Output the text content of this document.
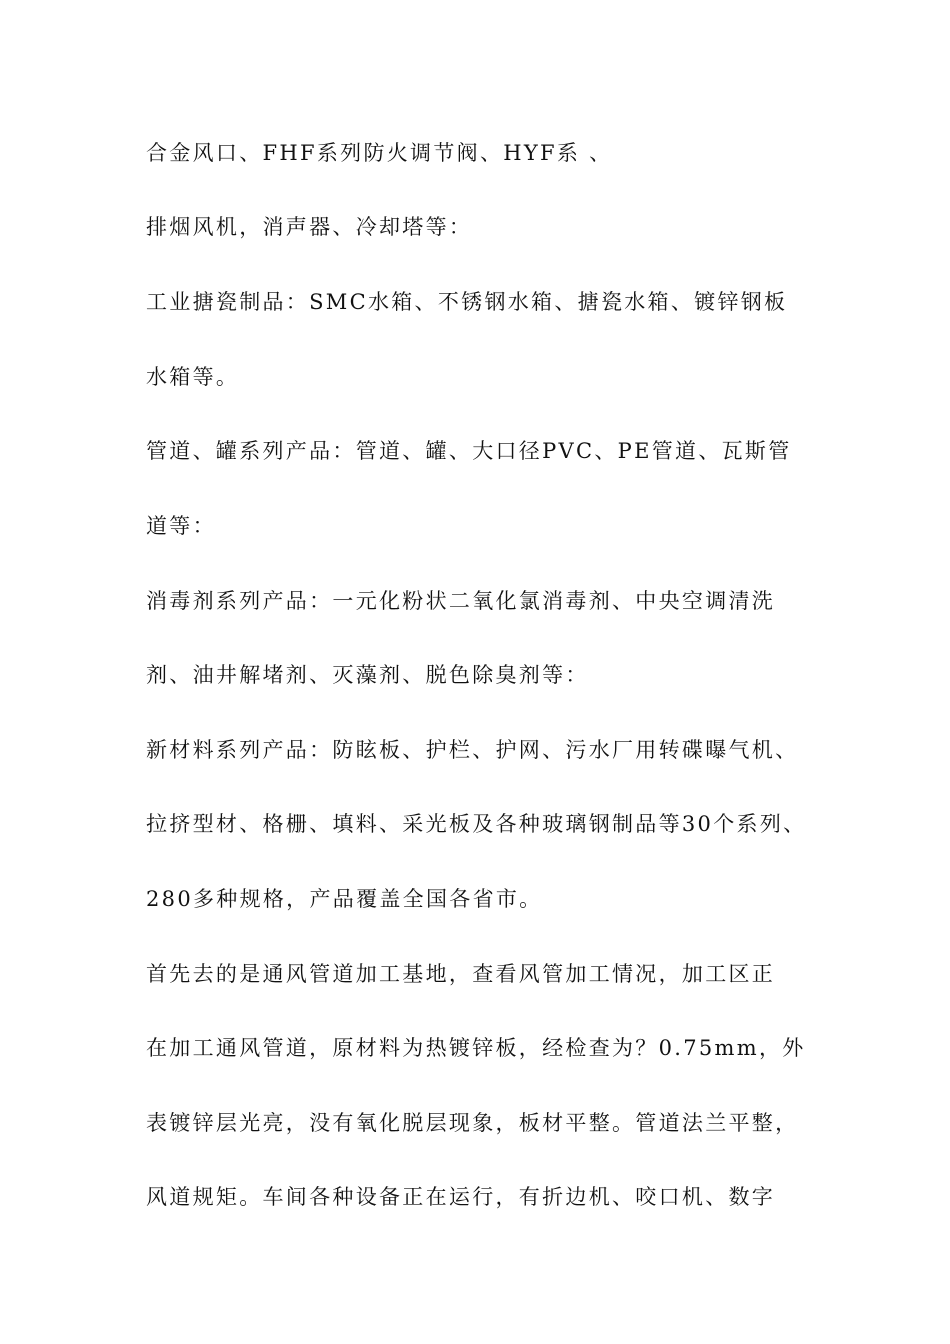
合金风口、FHF系列防火调节阀、HYF系 、
排烟风机，消声器、冷却塔等：
工业搪瓷制品：SMC水箱、不锈钢水箱、搪瓷水箱、镀锌钢板
水箱等。
管道、罐系列产品：管道、罐、大口径PVC、PE管道、瓦斯管
道等：
消毒剂系列产品：一元化粉状二氧化氯消毒剂、中央空调清洗
剂、油井解堵剂、灭藻剂、脱色除臭剂等：
新材料系列产品：防眩板、护栏、护网、污水厂用转碟曝气机、
拉挤型材、格栅、填料、采光板及各种玻璃钢制品等30个系列、
280多种规格，产品覆盖全国各省市。
首先去的是通风管道加工基地，查看风管加工情况，加工区正
在加工通风管道，原材料为热镀锌板，经检查为？0.75mm，外
表镀锌层光亮，没有氧化脱层现象，板材平整。管道法兰平整，
风道规矩。车间各种设备正在运行，有折边机、咬口机、数字
